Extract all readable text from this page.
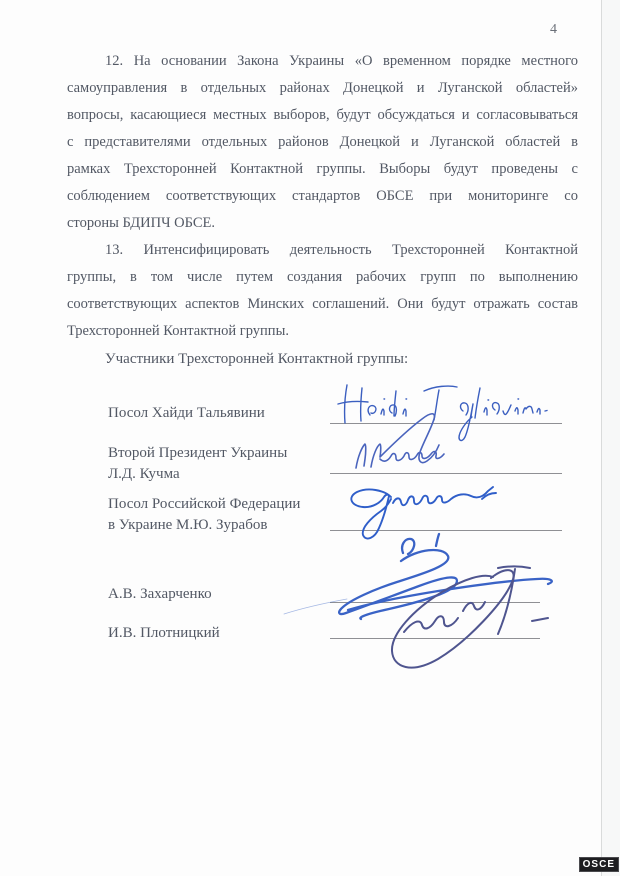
4
12. На основании Закона Украины «О временном порядке местного
самоуправления в отдельных районах Донецкой и Луганской областей»
вопросы, касающиеся местных выборов, будут обсуждаться и согласовываться
с представителями отдельных районов Донецкой и Луганской областей в
рамках Трехсторонней Контактной группы. Выборы будут проведены с
соблюдением соответствующих стандартов ОБСЕ при мониторинге со
стороны БДИПЧ ОБСЕ.
13. Интенсифицировать деятельность Трехсторонней Контактной
группы, в том числе путем создания рабочих групп по выполнению
соответствующих аспектов Минских соглашений. Они будут отражать состав
Трехсторонней Контактной группы.
Участники Трехсторонней Контактной группы:
Посол Хайди Тальявини
Второй Президент Украины
Л.Д. Кучма
Посол Российской Федерации
в Украине М.Ю. Зурабов
А.В. Захарченко
И.В. Плотницкий
OSCE
